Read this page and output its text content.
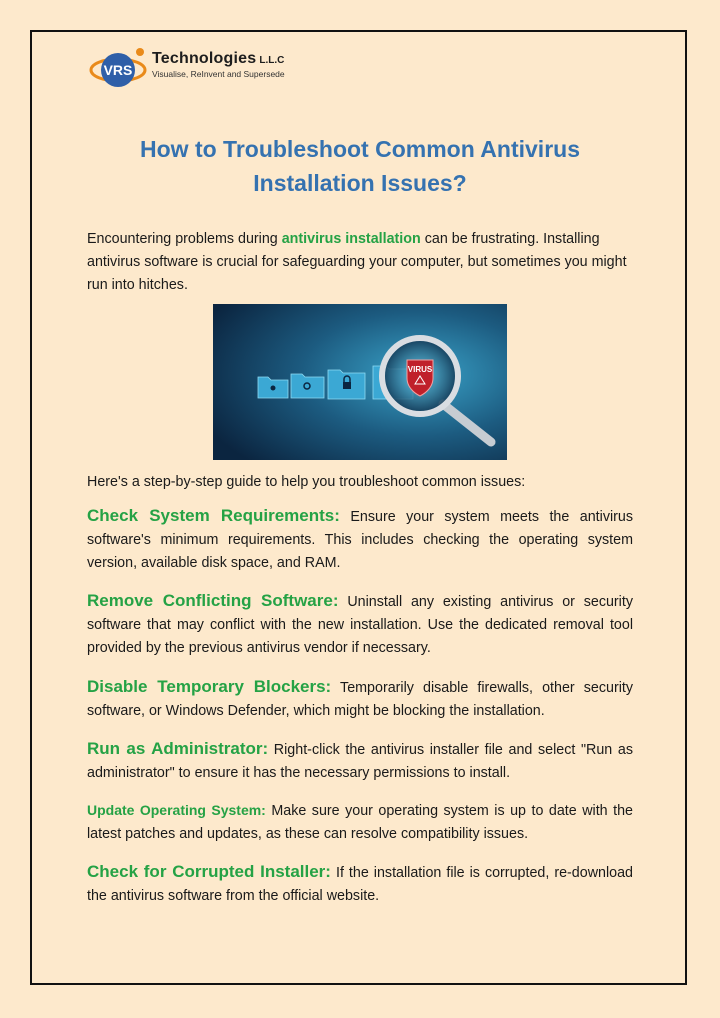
VRS
Technologies L.L.C
Visualise, ReInvent and Supersede
How to Troubleshoot Common Antivirus
Installation Issues?
Encountering problems during antivirus installation can be frustrating. Installing antivirus software is crucial for safeguarding your computer, but sometimes you might run into hitches.
VIRUS
Here's a step-by-step guide to help you troubleshoot common issues:

Check System Requirements: Ensure your system meets the antivirus software's minimum requirements. This includes checking the operating system version, available disk space, and RAM.

Remove Conflicting Software: Uninstall any existing antivirus or security software that may conflict with the new installation. Use the dedicated removal tool provided by the previous antivirus vendor if necessary.

Disable Temporary Blockers: Temporarily disable firewalls, other security software, or Windows Defender, which might be blocking the installation.

Run as Administrator: Right-click the antivirus installer file and select "Run as administrator" to ensure it has the necessary permissions to install.

Update Operating System: Make sure your operating system is up to date with the latest patches and updates, as these can resolve compatibility issues.

Check for Corrupted Installer: If the installation file is corrupted, re-download the antivirus software from the official website.
